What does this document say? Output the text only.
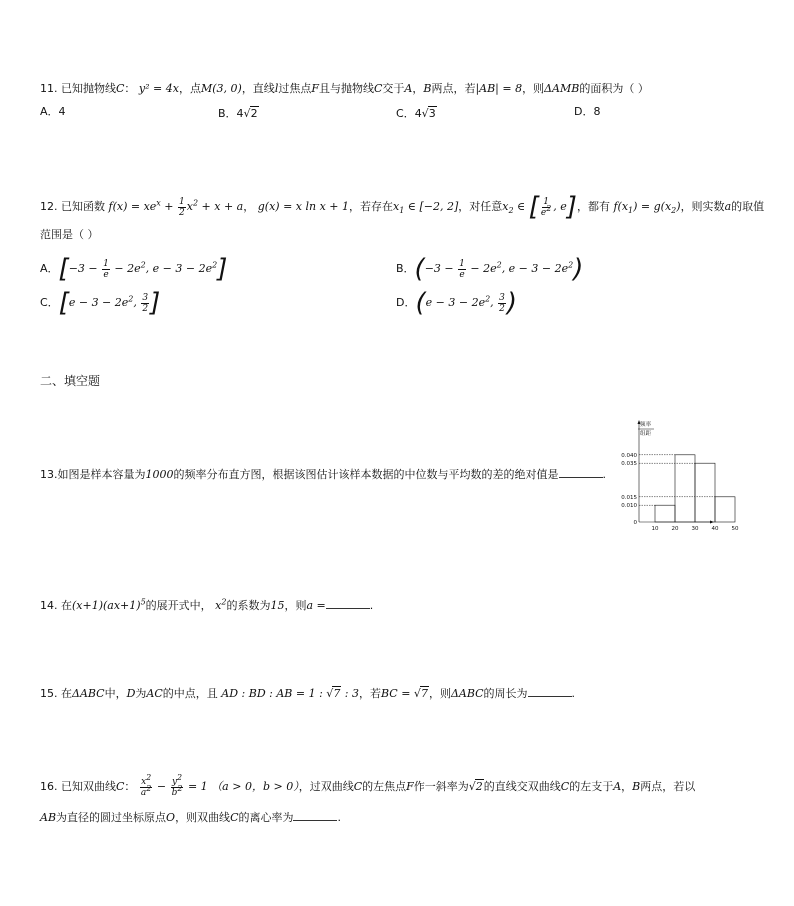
11. 已知抛物线C： y² = 4x，点M(3, 0)，直线l过焦点F且与抛物线C交于A，B两点，若|AB| = 8，则ΔAMB的面积为（ ）
A．4	B．4√2	C．4√3	D．8
12. 已知函数 $f(x) = xe^x + \frac{1}{2} x^2 + x + a$， g(x) = x ln x + 1，若存在$x_1$ ∈ [−2, 2]，对任意$x_2$ ∈ [ $\frac{1}{e^2}$ , e]，都有 $f(x_1) = g(x_2)$，则实数a的取值
范围是（ ）
A．[$-3 - \frac{1}{e} - 2e^2$, $e - 3 - 2e^2$]	B．($-3 - \frac{1}{e} - 2e^2$, $e - 3 - 2e^2$)
C．[$e - 3 - 2e^2$, $\frac{3}{2}$ ]	D．($e - 3 - 2e^2$, $\frac{3}{2}$ )
二、填空题
13.如图是样本容量为1000的频率分布直方图，根据该图估计该样本数据的中位数与平均数的差的绝对值是	.
频率
组距
0.040
0.035
0.015
0.010
0
10 20 30 40 50
14. 在$(x+1)(ax+1)^5$的展开式中， $x^2$的系数为15，则a =	.
15. 在ΔABC中，D为AC的中点，且 AD : BD : AB = 1 : √7 : 3，若BC = √7，则ΔABC的周长为	.
16. 已知双曲线C： $\frac{x^2}{a^2} - \frac{y^2}{b^2} = 1$ （a > 0，b > 0），过双曲线C的左焦点F作一斜率为√2的直线交双曲线C的左支于A，B两点，若以
AB为直径的圆过坐标原点O，则双曲线C的离心率为	.
